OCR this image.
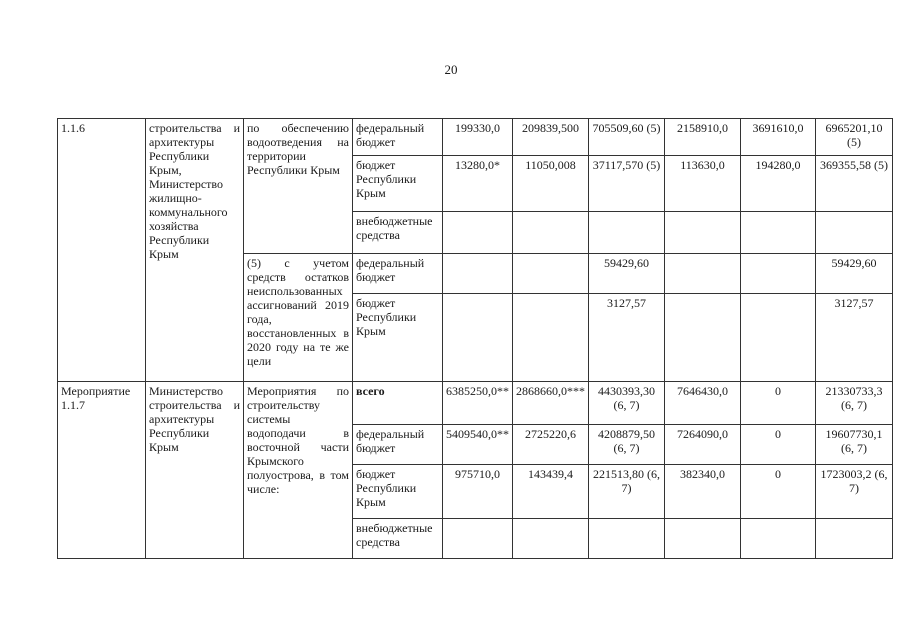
20
1.1.6	строительства и архитектуры Республики Крым, Министерство жилищно-коммунального хозяйства Республики Крым	по обеспечению водоотведения на территории Республики Крым	федеральный бюджет	199330,0	209839,500	705509,60 (5)	2158910,0	3691610,0	6965201,10 (5)
			бюджет Республики Крым	13280,0*	11050,008	37117,570 (5)	113630,0	194280,0	369355,58 (5)
			внебюджетные средства						
		(5) с учетом средств остатков неиспользованных ассигнований 2019 года, восстановленных в 2020 году на те же цели	федеральный бюджет			59429,60			59429,60
			бюджет Республики Крым			3127,57			3127,57
Мероприятие 1.1.7	Министерство строительства и архитектуры Республики Крым	Мероприятия по строительству системы водоподачи в восточной части Крымского полуострова, в том числе:	всего	6385250,0**	2868660,0***	4430393,30 (6, 7)	7646430,0	0	21330733,3 (6, 7)
			федеральный бюджет	5409540,0**	2725220,6	4208879,50 (6, 7)	7264090,0	0	19607730,1 (6, 7)
			бюджет Республики Крым	975710,0	143439,4	221513,80 (6, 7)	382340,0	0	1723003,2 (6, 7)
			внебюджетные средства						
